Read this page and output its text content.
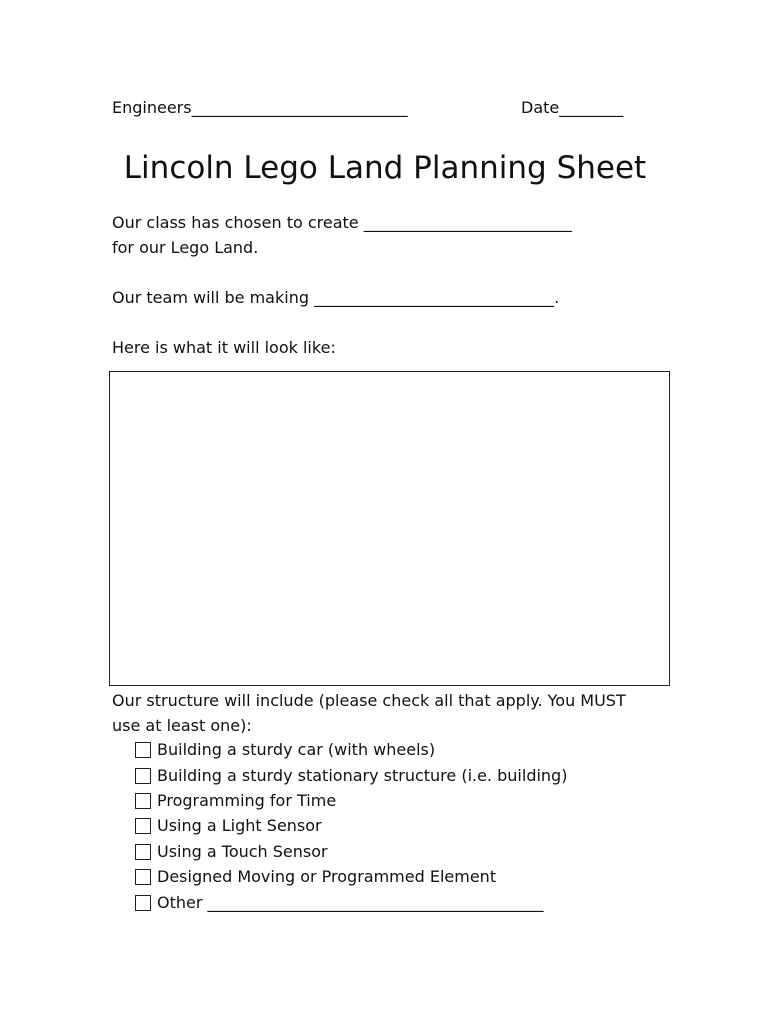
Engineers___________________________	Date________
Lincoln Lego Land Planning Sheet
Our class has chosen to create __________________________
for our Lego Land.
Our team will be making ______________________________.
Here is what it will look like:
Our structure will include (please check all that apply. You MUST
use at least one):
Building a sturdy car (with wheels)
Building a sturdy stationary structure (i.e. building)
Programming for Time
Using a Light Sensor
Using a Touch Sensor
Designed Moving or Programmed Element
Other __________________________________________
